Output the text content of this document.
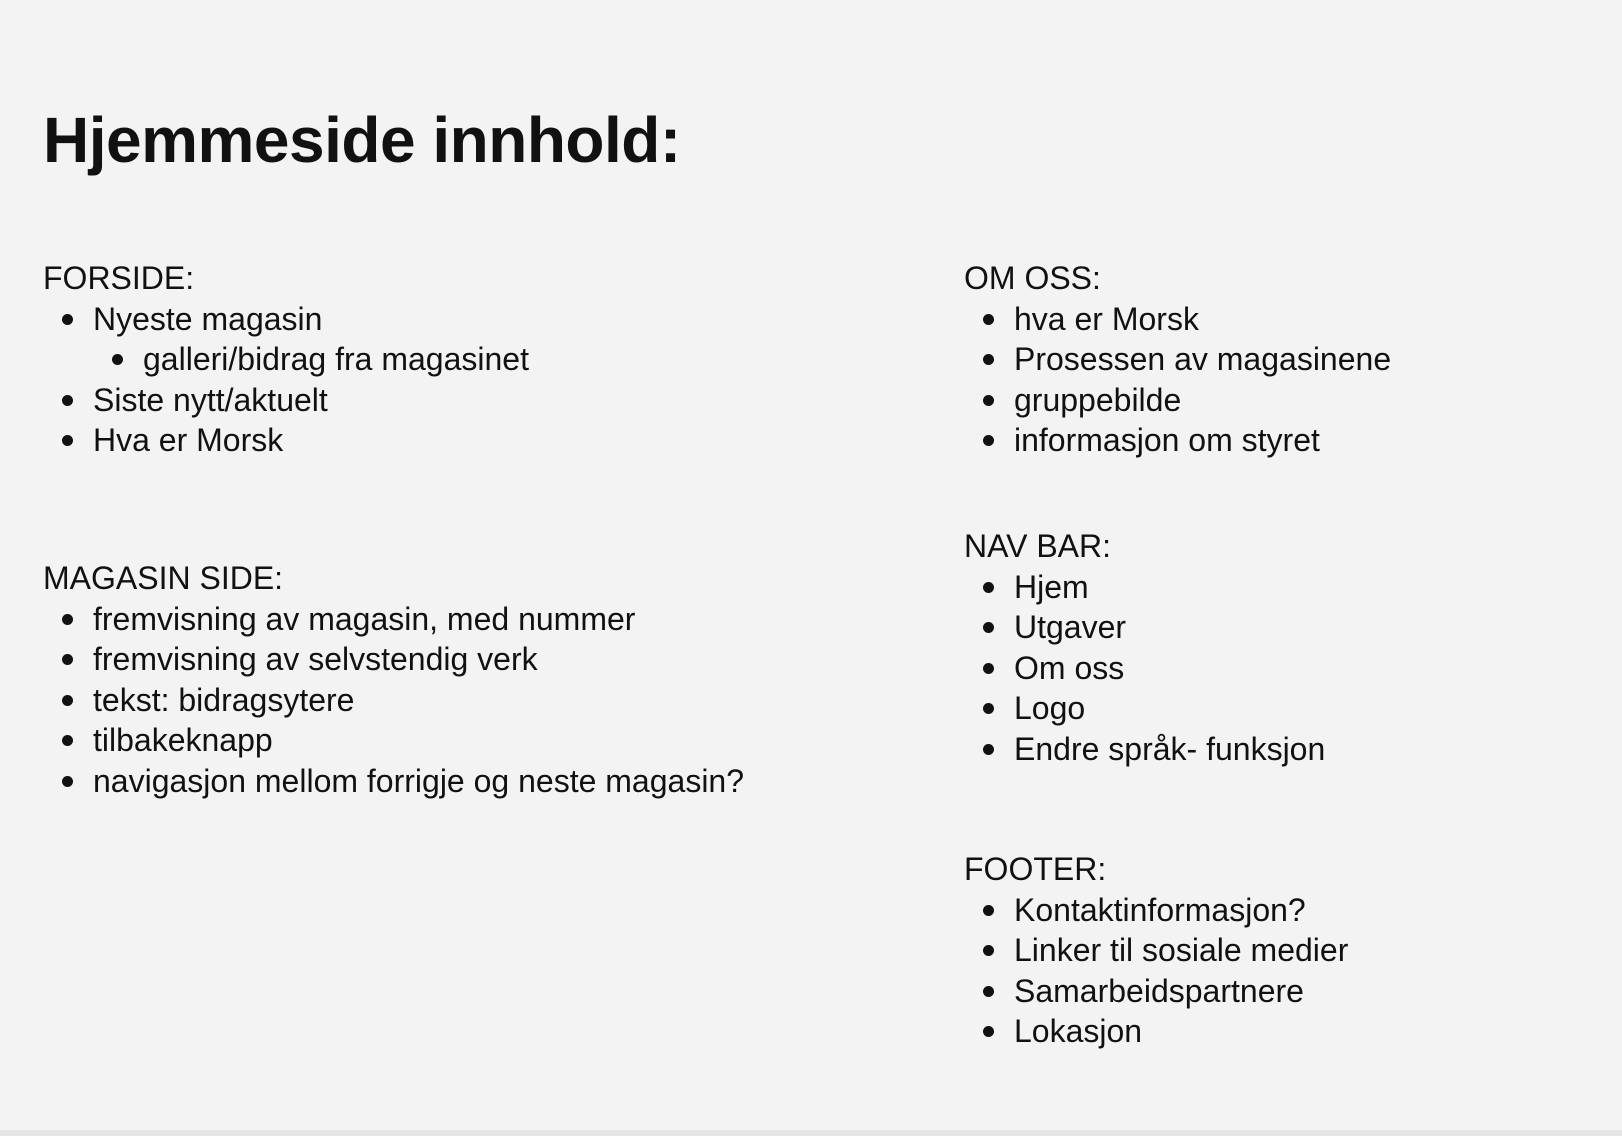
Hjemmeside innhold:
FORSIDE:
Nyeste magasin
galleri/bidrag fra magasinet
Siste nytt/aktuelt
Hva er Morsk
MAGASIN SIDE:
fremvisning av magasin, med nummer
fremvisning av selvstendig verk
tekst: bidragsytere
tilbakeknapp
navigasjon mellom forrigje og neste magasin?
OM OSS:
hva er Morsk
Prosessen av magasinene
gruppebilde
informasjon om styret
NAV BAR:
Hjem
Utgaver
Om oss
Logo
Endre språk- funksjon
FOOTER:
Kontaktinformasjon?
Linker til sosiale medier
Samarbeidspartnere
Lokasjon
